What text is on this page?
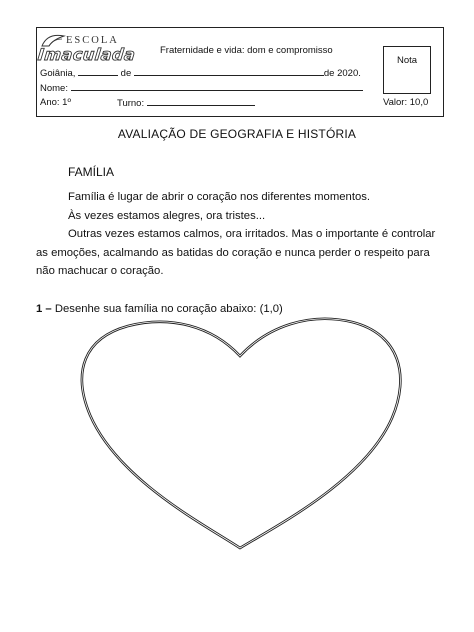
ESCOLA
Imaculada Fraternidade e vida: dom e compromisso
Nota
Goiânia,	de	de 2020.
Nome:
Ano: 1º	Turno:	Valor: 10,0
AVALIAÇÃO DE GEOGRAFIA E HISTÓRIA
FAMÍLIA
Família é lugar de abrir o coração nos diferentes momentos.
Às vezes estamos alegres, ora tristes...
Outras vezes estamos calmos, ora irritados. Mas o importante é controlar
as emoções, acalmando as batidas do coração e nunca perder o respeito para
não machucar o coração.
1 – Desenhe sua família no coração abaixo: (1,0)
